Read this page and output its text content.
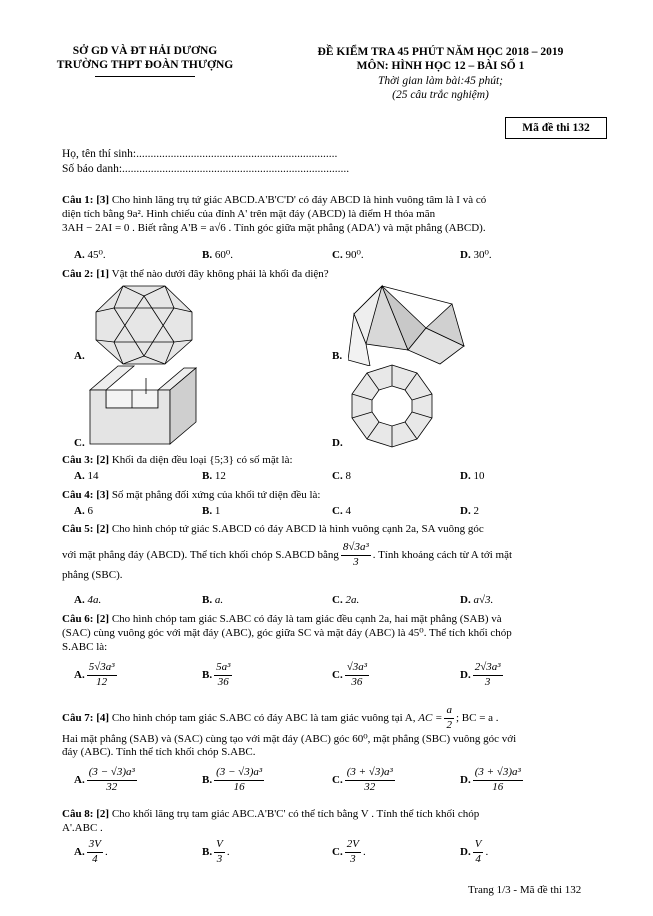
SỞ GD VÀ ĐT HẢI DƯƠNG
TRƯỜNG THPT ĐOÀN THƯỢNG
ĐỀ KIỂM TRA 45 PHÚT NĂM HỌC 2018 – 2019
MÔN: HÌNH HỌC 12 – BÀI SỐ 1
Thời gian làm bài:45 phút;
(25 câu trắc nghiệm)
Mã đề thi 132
Họ, tên thí sinh:......................................................................
Số báo danh:...............................................................................
Câu 1: [3] Cho hình lăng trụ tứ giác ABCD.A'B'C'D' có đáy ABCD là hình vuông tâm là I và có
diện tích bằng 9a². Hình chiếu của đỉnh A' trên mặt đáy (ABCD) là điểm H thỏa mãn
3AH − 2AI = 0 . Biết rằng A'B = a√6 . Tính góc giữa mặt phẳng (ADA') và mặt phẳng (ABCD).
A. 45⁰.	B. 60⁰.	C. 90⁰.	D. 30⁰.
Câu 2: [1] Vật thể nào dưới đây không phải là khối đa diện?
A.	B.
C.	D.
Câu 3: [2] Khối đa diện đều loại {5;3} có số mặt là:
A. 14	B. 12	C. 8	D. 10
Câu 4: [3] Số mặt phẳng đối xứng của khối tứ diện đều là:
A. 6	B. 1	C. 4	D. 2
Câu 5: [2] Cho hình chóp tứ giác S.ABCD có đáy ABCD là hình vuông cạnh 2a, SA vuông góc
với mặt phẳng đáy (ABCD). Thể tích khối chóp S.ABCD bằng $\frac{\text{8√3a³}}{3}$ . Tính khoảng cách từ A tới mặt
phẳng (SBC).
A. 4a.	B. a.	C. 2a.	D. a√3.
Câu 6: [2] Cho hình chóp tam giác S.ABC có đáy là tam giác đều cạnh 2a, hai mặt phẳng (SAB) và
(SAC) cùng vuông góc với mặt đáy (ABC), góc giữa SC và mặt đáy (ABC) là 45⁰. Thể tích khối chóp
S.ABC là:
A. $\frac{\text{5√3a³}}{12}$	B. $\frac{\text{5a³}}{36}$	C. $\frac{\text{√3a³}}{36}$	D. $\frac{\text{2√3a³}}{3}$
Câu 7: [4] Cho hình chóp tam giác S.ABC có đáy ABC là tam giác vuông tại A, AC = $\frac{a}{2}$ ; BC = a .
Hai mặt phẳng (SAB) và (SAC) cùng tạo với mặt đáy (ABC) góc 60⁰, mặt phẳng (SBC) vuông góc với
đáy (ABC). Tính thể tích khối chóp S.ABC.
A. $\frac{\text{(3 − √3)a³}}{32}$	B. $\frac{\text{(3 − √3)a³}}{16}$	C. $\frac{\text{(3 + √3)a³}}{32}$	D. $\frac{\text{(3 + √3)a³}}{16}$
Câu 8: [2] Cho khối lăng trụ tam giác ABC.A'B'C' có thể tích bằng V . Tính thể tích khối chóp
A'.ABC .
A. $\frac{3V}{4}$ .	B. $\frac{V}{3}$ .	C. $\frac{2V}{3}$ .	D. $\frac{V}{4}$ .
Trang 1/3 - Mã đề thi 132
